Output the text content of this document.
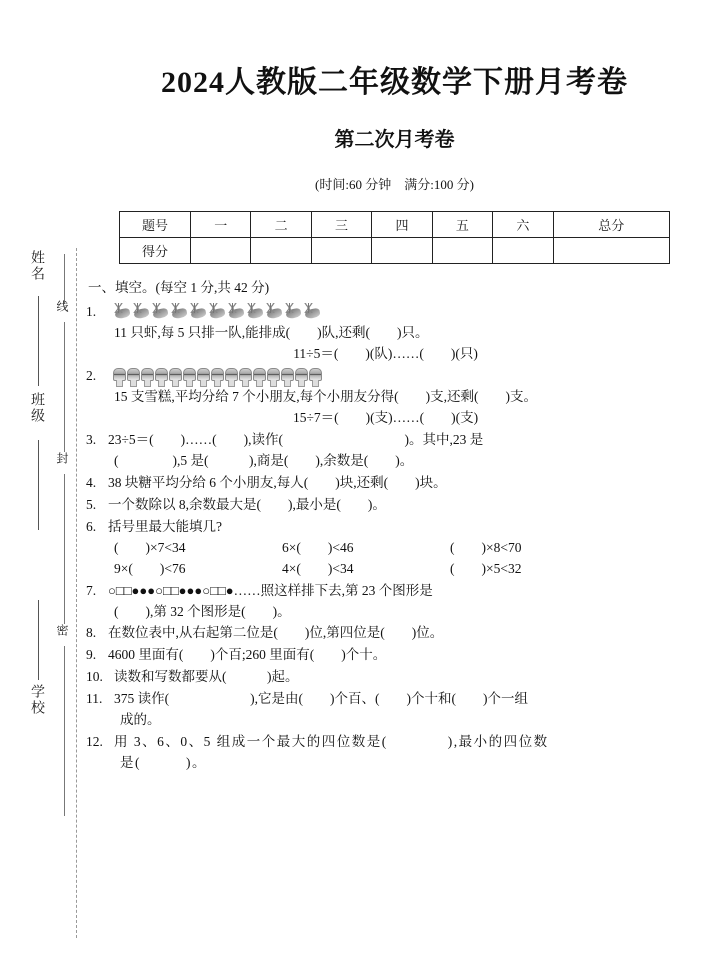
姓名
班级
学校
线
封
密
2024人教版二年级数学下册月考卷
第二次月考卷
(时间:60 分钟　满分:100 分)
题号	一	二	三	四	五	六	总分
得分							
一、填空。(每空 1 分,共 42 分)
1.
11 只虾,每 5 只排一队,能排成(　　)队,还剩(　　)只。
11÷5＝(　　)(队)……(　　)(只)
2.
15 支雪糕,平均分给 7 个小朋友,每个小朋友分得(　　)支,还剩(　　)支。
15÷7＝(　　)(支)……(　　)(支)
3. 23÷5＝(　　)……(　　),读作(　　　　　　　　　)。其中,23 是
(　　　　),5 是(　　　),商是(　　),余数是(　　)。
4. 38 块糖平均分给 6 个小朋友,每人(　　)块,还剩(　　)块。
5. 一个数除以 8,余数最大是(　　),最小是(　　)。
6. 括号里最大能填几?
(　　)×7<34	6×(　　)<46	(　　)×8<70
9×(　　)<76	4×(　　)<34	(　　)×5<32
7. ○□□●●●○□□●●●○□□●……照这样排下去,第 23 个图形是
(　　),第 32 个图形是(　　)。
8. 在数位表中,从右起第二位是(　　)位,第四位是(　　)位。
9. 4600 里面有(　　)个百;260 里面有(　　)个十。
10. 读数和写数都要从(　　　)起。
11. 375 读作(　　　　　　),它是由(　　)个百、(　　)个十和(　　)个一组
成的。
12. 用 3、6、0、5 组成一个最大的四位数是(　　　　),最小的四位数
是(　　　)。
